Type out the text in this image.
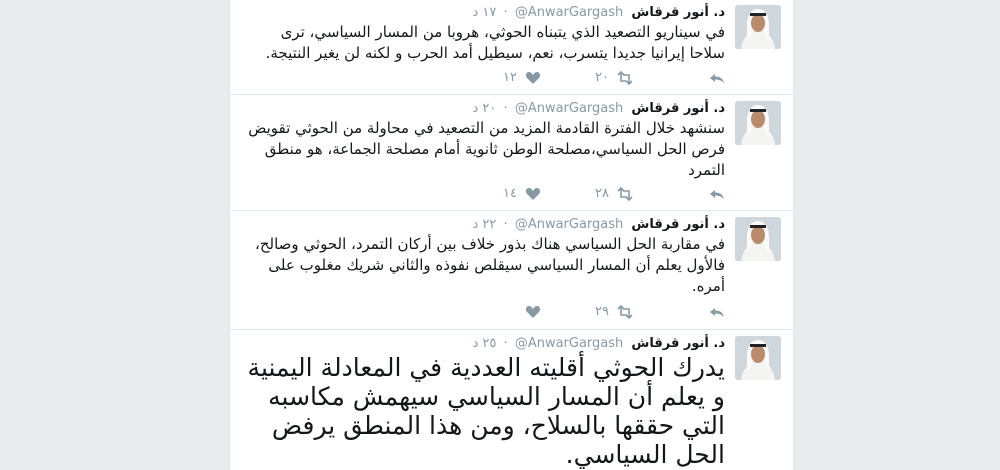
د. أنور قرقاش @AnwarGargash · ١٧ د
في سيناريو التصعيد الذي يتبناه الحوثي، هروبا من المسار السياسي، ترى سلاحا إيرانيا جديدا يتسرب، نعم، سيطيل أمد الحرب و لكنه لن يغير النتيجة.
٢٠
١٢
د. أنور قرقاش @AnwarGargash · ٢٠ د
سنشهد خلال الفترة القادمة المزيد من التصعيد في محاولة من الحوثي تقويض فرص الحل السياسي،مصلحة الوطن ثانوية أمام مصلحة الجماعة، هو منطق التمرد
٢٨
١٤
د. أنور قرقاش @AnwarGargash · ٢٢ د
في مقاربة الحل السياسي هناك بذور خلاف بين أركان التمرد، الحوثي وصالح، فالأول يعلم أن المسار السياسي سيقلص نفوذه والثاني شريك مغلوب على أمره.
٢٩
د. أنور قرقاش @AnwarGargash · ٢٥ د
يدرك الحوثي أقليته العددية في المعادلة اليمنية و يعلم أن المسار السياسي سيهمش مكاسبه التي حققها بالسلاح، ومن هذا المنطق يرفض الحل السياسي.
